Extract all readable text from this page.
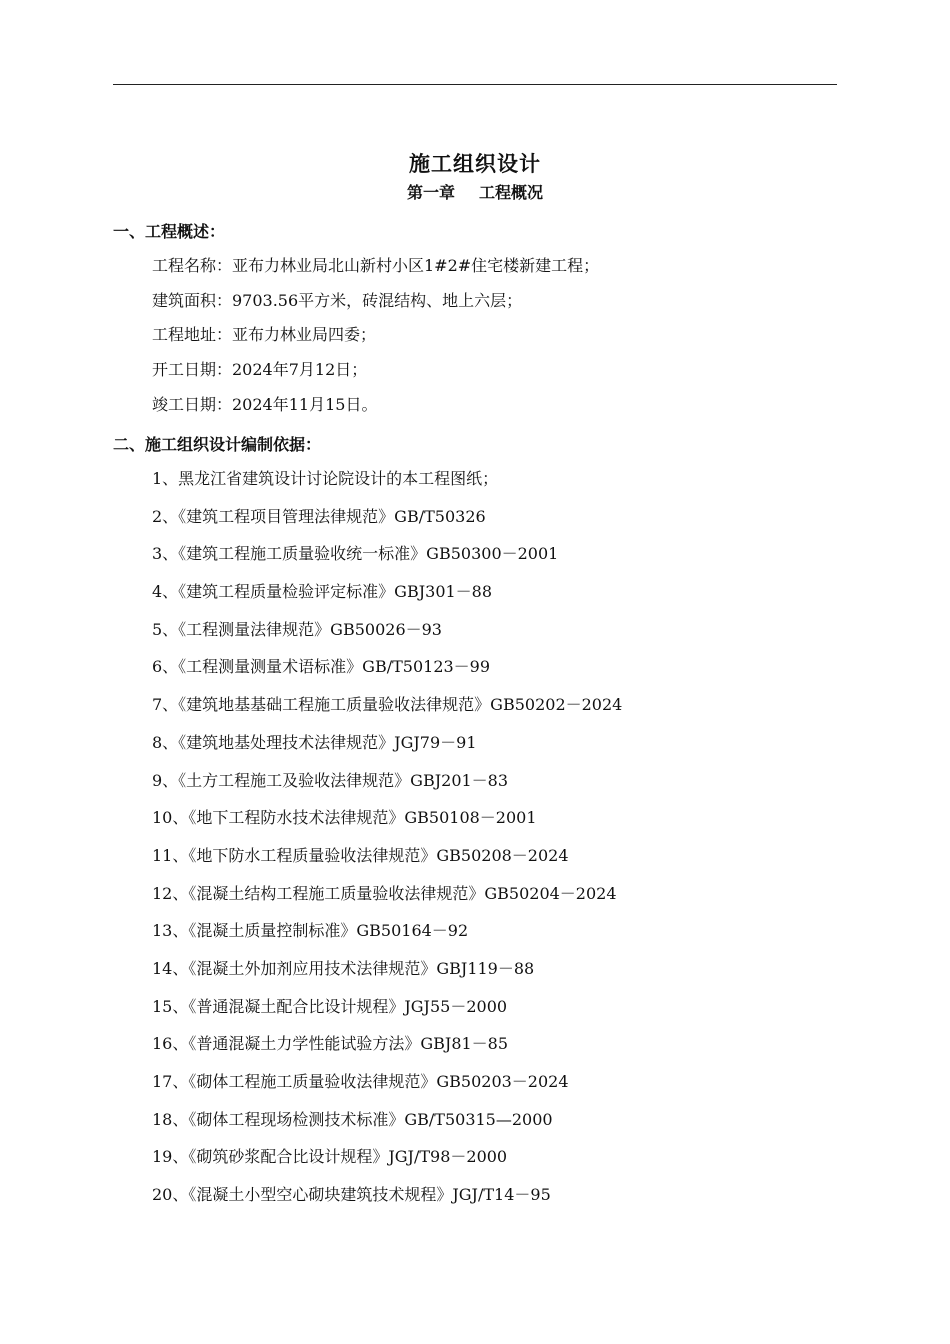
施工组织设计
第一章 工程概况
一、工程概述：
工程名称：亚布力林业局北山新村小区1#2#住宅楼新建工程；
建筑面积：9703.56平方米，砖混结构、地上六层；
工程地址：亚布力林业局四委；
开工日期：2024年7月12日；
竣工日期：2024年11月15日。
二、施工组织设计编制依据：
1、黑龙江省建筑设计讨论院设计的本工程图纸；
2、《建筑工程项目管理法律规范》GB/T50326
3、《建筑工程施工质量验收统一标准》GB50300－2001
4、《建筑工程质量检验评定标准》GBJ301－88
5、《工程测量法律规范》GB50026－93
6、《工程测量测量术语标准》GB/T50123－99
7、《建筑地基基础工程施工质量验收法律规范》GB50202－2024
8、《建筑地基处理技术法律规范》JGJ79－91
9、《土方工程施工及验收法律规范》GBJ201－83
10、《地下工程防水技术法律规范》GB50108－2001
11、《地下防水工程质量验收法律规范》GB50208－2024
12、《混凝土结构工程施工质量验收法律规范》GB50204－2024
13、《混凝土质量控制标准》GB50164－92
14、《混凝土外加剂应用技术法律规范》GBJ119－88
15、《普通混凝土配合比设计规程》JGJ55－2000
16、《普通混凝土力学性能试验方法》GBJ81－85
17、《砌体工程施工质量验收法律规范》GB50203－2024
18、《砌体工程现场检测技术标准》GB/T50315—2000
19、《砌筑砂浆配合比设计规程》JGJ/T98－2000
20、《混凝土小型空心砌块建筑技术规程》JGJ/T14－95
